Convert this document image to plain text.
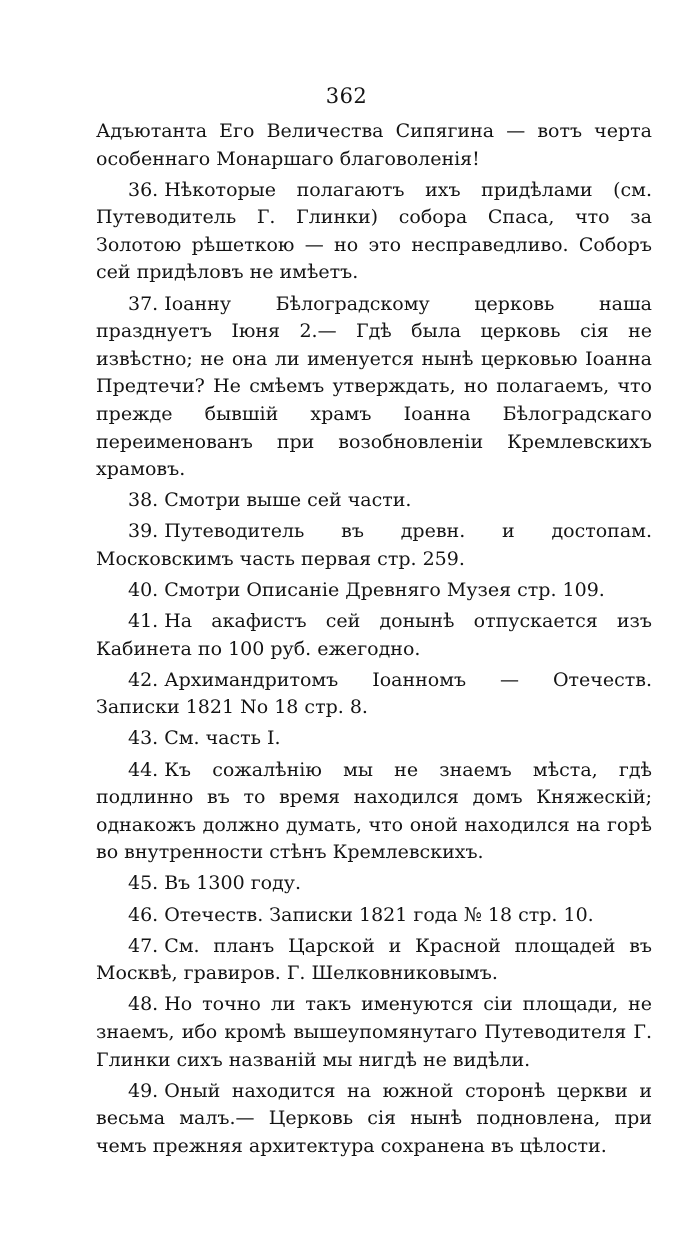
362

Адъютанта Его Величества Сипягина — вотъ черта особеннаго Монаршаго благоволенія!

36. Нѣкоторые полагаютъ ихъ придѣлами (см. Путеводитель Г. Глинки) собора Спаса, что за Золотою рѣшеткою — но это несправедливо. Соборъ сей придѣловъ не имѣетъ.

37. Іоанну Бѣлоградскому церковь наша празднуетъ Іюня 2.— Гдѣ была церковь сія не извѣстно; не она ли именуется нынѣ церковью Іоанна Предтечи? Не смѣемъ утверждать, но полагаемъ, что прежде бывшій храмъ Іоанна Бѣлоградскаго переименованъ при возобновленіи Кремлевскихъ храмовъ.

38. Смотри выше сей части.

39. Путеводитель въ древн. и достопам. Московскимъ часть первая стр. 259.

40. Смотри Описаніе Древняго Музея стр. 109.

41. На акафистъ сей донынѣ отпускается изъ Кабинета по 100 руб. ежегодно.

42. Архимандритомъ Іоанномъ — Отечеств. Записки 1821 No 18 стр. 8.

43. См. часть I.

44. Къ сожалѣнію мы не знаемъ мѣста, гдѣ подлинно въ то время находился домъ Княжескій; однакожъ должно думать, что оной находился на горѣ во внутренности стѣнъ Кремлевскихъ.

45. Въ 1300 году.

46. Отечеств. Записки 1821 года № 18 стр. 10.

47. См. планъ Царской и Красной площадей въ Москвѣ, гравиров. Г. Шелковниковымъ.

48. Но точно ли такъ именуются сіи площади, не знаемъ, ибо кромѣ вышеупомянутаго Путеводителя Г. Глинки сихъ названій мы нигдѣ не видѣли.

49. Оный находится на южной сторонѣ церкви и весьма малъ.— Церковь сія нынѣ подновлена, при чемъ прежняя архитектура сохранена въ цѣлости.
